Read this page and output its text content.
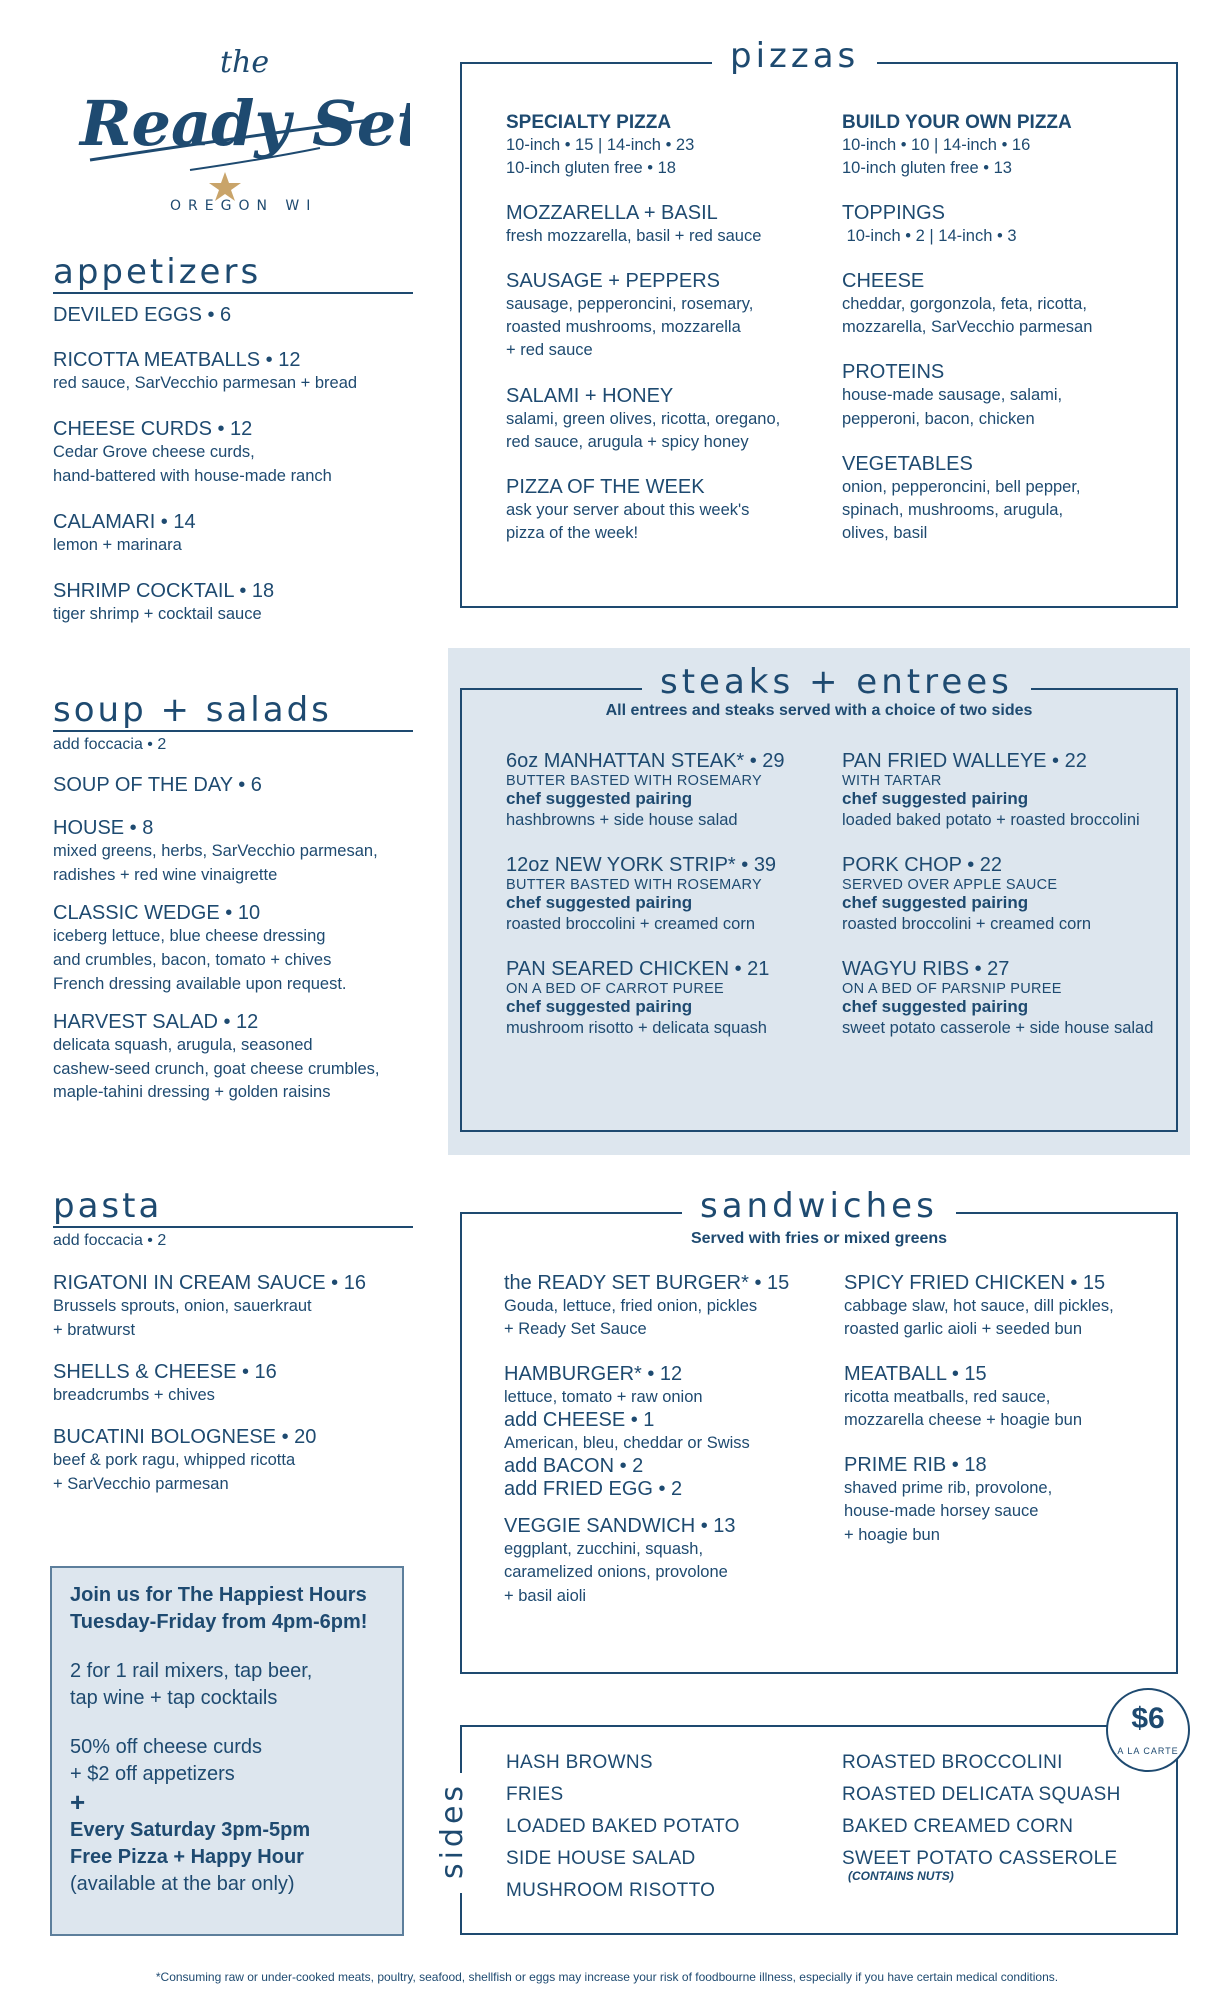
the
Ready Set
OREGON WI
appetizers
DEVILED EGGS • 6
RICOTTA MEATBALLS • 12
red sauce, SarVecchio parmesan + bread
CHEESE CURDS • 12
Cedar Grove cheese curds,
hand-battered with house-made ranch
CALAMARI • 14
lemon + marinara
SHRIMP COCKTAIL • 18
tiger shrimp + cocktail sauce
soup + salads
add foccacia • 2
SOUP OF THE DAY • 6
HOUSE • 8
mixed greens, herbs, SarVecchio parmesan,
radishes + red wine vinaigrette
CLASSIC WEDGE • 10
iceberg lettuce, blue cheese dressing
and crumbles, bacon, tomato + chives
French dressing available upon request.
HARVEST SALAD • 12
delicata squash, arugula, seasoned
cashew-seed crunch, goat cheese crumbles,
maple-tahini dressing + golden raisins
pasta
add foccacia • 2
RIGATONI IN CREAM SAUCE • 16
Brussels sprouts, onion, sauerkraut
+ bratwurst
SHELLS & CHEESE • 16
breadcrumbs + chives
BUCATINI BOLOGNESE • 20
beef & pork ragu, whipped ricotta
+ SarVecchio parmesan
Join us for The Happiest Hours
Tuesday-Friday from 4pm-6pm!
2 for 1 rail mixers, tap beer,
tap wine + tap cocktails
50% off cheese curds
+ $2 off appetizers
+
Every Saturday 3pm-5pm
Free Pizza + Happy Hour
(available at the bar only)
pizzas
SPECIALTY PIZZA
10-inch • 15 | 14-inch • 23
10-inch gluten free • 18
MOZZARELLA + BASIL
fresh mozzarella, basil + red sauce
SAUSAGE + PEPPERS
sausage, pepperoncini, rosemary,
roasted mushrooms, mozzarella
+ red sauce
SALAMI + HONEY
salami, green olives, ricotta, oregano,
red sauce, arugula + spicy honey
PIZZA OF THE WEEK
ask your server about this week's
pizza of the week!
BUILD YOUR OWN PIZZA
10-inch • 10 | 14-inch • 16
10-inch gluten free • 13
TOPPINGS
10-inch • 2 | 14-inch • 3
CHEESE
cheddar, gorgonzola, feta, ricotta,
mozzarella, SarVecchio parmesan
PROTEINS
house-made sausage, salami,
pepperoni, bacon, chicken
VEGETABLES
onion, pepperoncini, bell pepper,
spinach, mushrooms, arugula,
olives, basil
steaks + entrees
All entrees and steaks served with a choice of two sides
6oz MANHATTAN STEAK* • 29
BUTTER BASTED WITH ROSEMARY
chef suggested pairing
hashbrowns + side house salad
12oz NEW YORK STRIP* • 39
BUTTER BASTED WITH ROSEMARY
chef suggested pairing
roasted broccolini + creamed corn
PAN SEARED CHICKEN • 21
ON A BED OF CARROT PUREE
chef suggested pairing
mushroom risotto + delicata squash
PAN FRIED WALLEYE • 22
WITH TARTAR
chef suggested pairing
loaded baked potato + roasted broccolini
PORK CHOP • 22
SERVED OVER APPLE SAUCE
chef suggested pairing
roasted broccolini + creamed corn
WAGYU RIBS • 27
ON A BED OF PARSNIP PUREE
chef suggested pairing
sweet potato casserole + side house salad
sandwiches
Served with fries or mixed greens
the READY SET BURGER* • 15
Gouda, lettuce, fried onion, pickles
+ Ready Set Sauce
HAMBURGER* • 12
lettuce, tomato + raw onion
add CHEESE • 1
American, bleu, cheddar or Swiss
add BACON • 2
add FRIED EGG • 2
VEGGIE SANDWICH • 13
eggplant, zucchini, squash,
caramelized onions, provolone
+ basil aioli
SPICY FRIED CHICKEN • 15
cabbage slaw, hot sauce, dill pickles,
roasted garlic aioli + seeded bun
MEATBALL • 15
ricotta meatballs, red sauce,
mozzarella cheese + hoagie bun
PRIME RIB • 18
shaved prime rib, provolone,
house-made horsey sauce
+ hoagie bun
sides
HASH BROWNS
FRIES
LOADED BAKED POTATO
SIDE HOUSE SALAD
MUSHROOM RISOTTO
ROASTED BROCCOLINI
ROASTED DELICATA SQUASH
BAKED CREAMED CORN
SWEET POTATO CASSEROLE
(CONTAINS NUTS)
$6
A LA CARTE
*Consuming raw or under-cooked meats, poultry, seafood, shellfish or eggs may increase your risk of foodbourne illness, especially if you have certain medical conditions.
